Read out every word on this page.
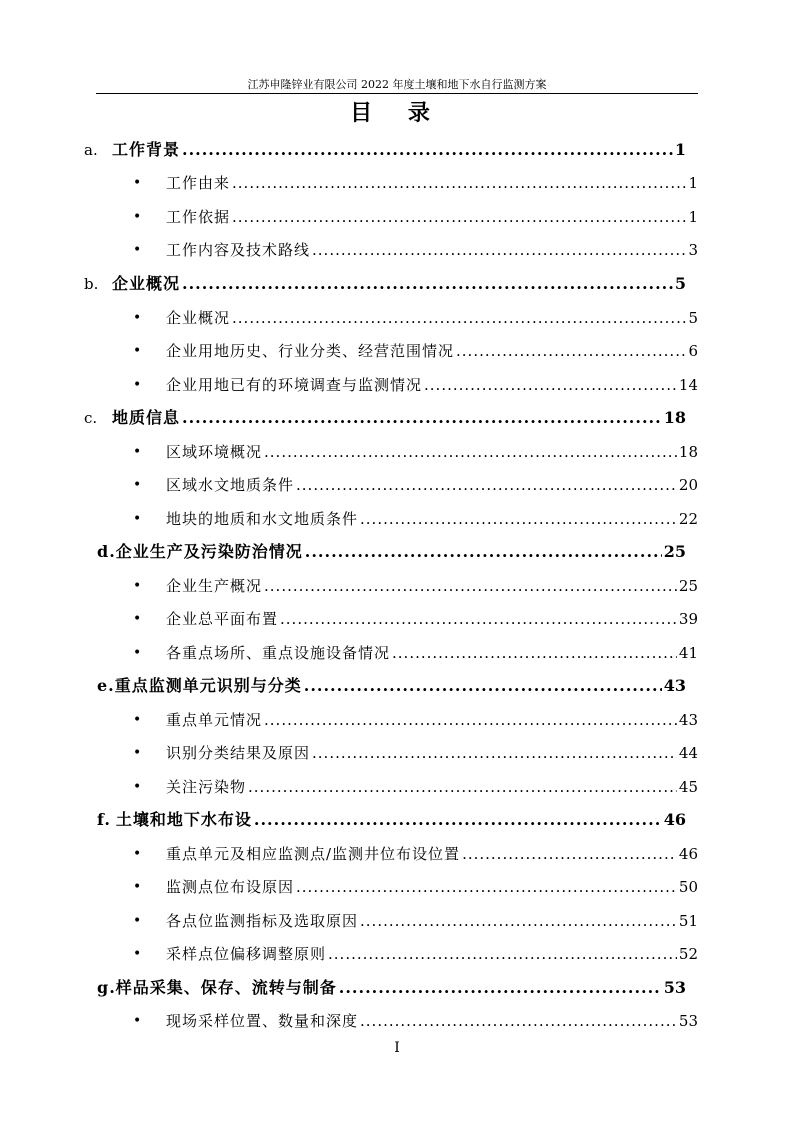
江苏申隆锌业有限公司 2022 年度土壤和地下水自行监测方案
目 录
a. 工作背景 .....	1
• 工作由来 .....	1
• 工作依据 .....	1
• 工作内容及技术路线 .....	3
b. 企业概况 .....	5
• 企业概况 .....	5
• 企业用地历史、行业分类、经营范围情况 .....	6
• 企业用地已有的环境调查与监测情况 .....	14
c. 地质信息 .....	18
• 区域环境概况 .....	18
• 区域水文地质条件 .....	20
• 地块的地质和水文地质条件 .....	22
d. 企业生产及污染防治情况 .....	25
• 企业生产概况 .....	25
• 企业总平面布置 .....	39
• 各重点场所、重点设施设备情况 .....	41
e. 重点监测单元识别与分类 .....	43
• 重点单元情况 .....	43
• 识别分类结果及原因 .....	44
• 关注污染物 .....	45
f. 土壤和地下水布设 .....	46
• 重点单元及相应监测点/监测井位布设位置 .....	46
• 监测点位布设原因 .....	50
• 各点位监测指标及选取原因 .....	51
• 采样点位偏移调整原则 .....	52
g. 样品采集、保存、流转与制备 .....	53
• 现场采样位置、数量和深度 .....	53
I
